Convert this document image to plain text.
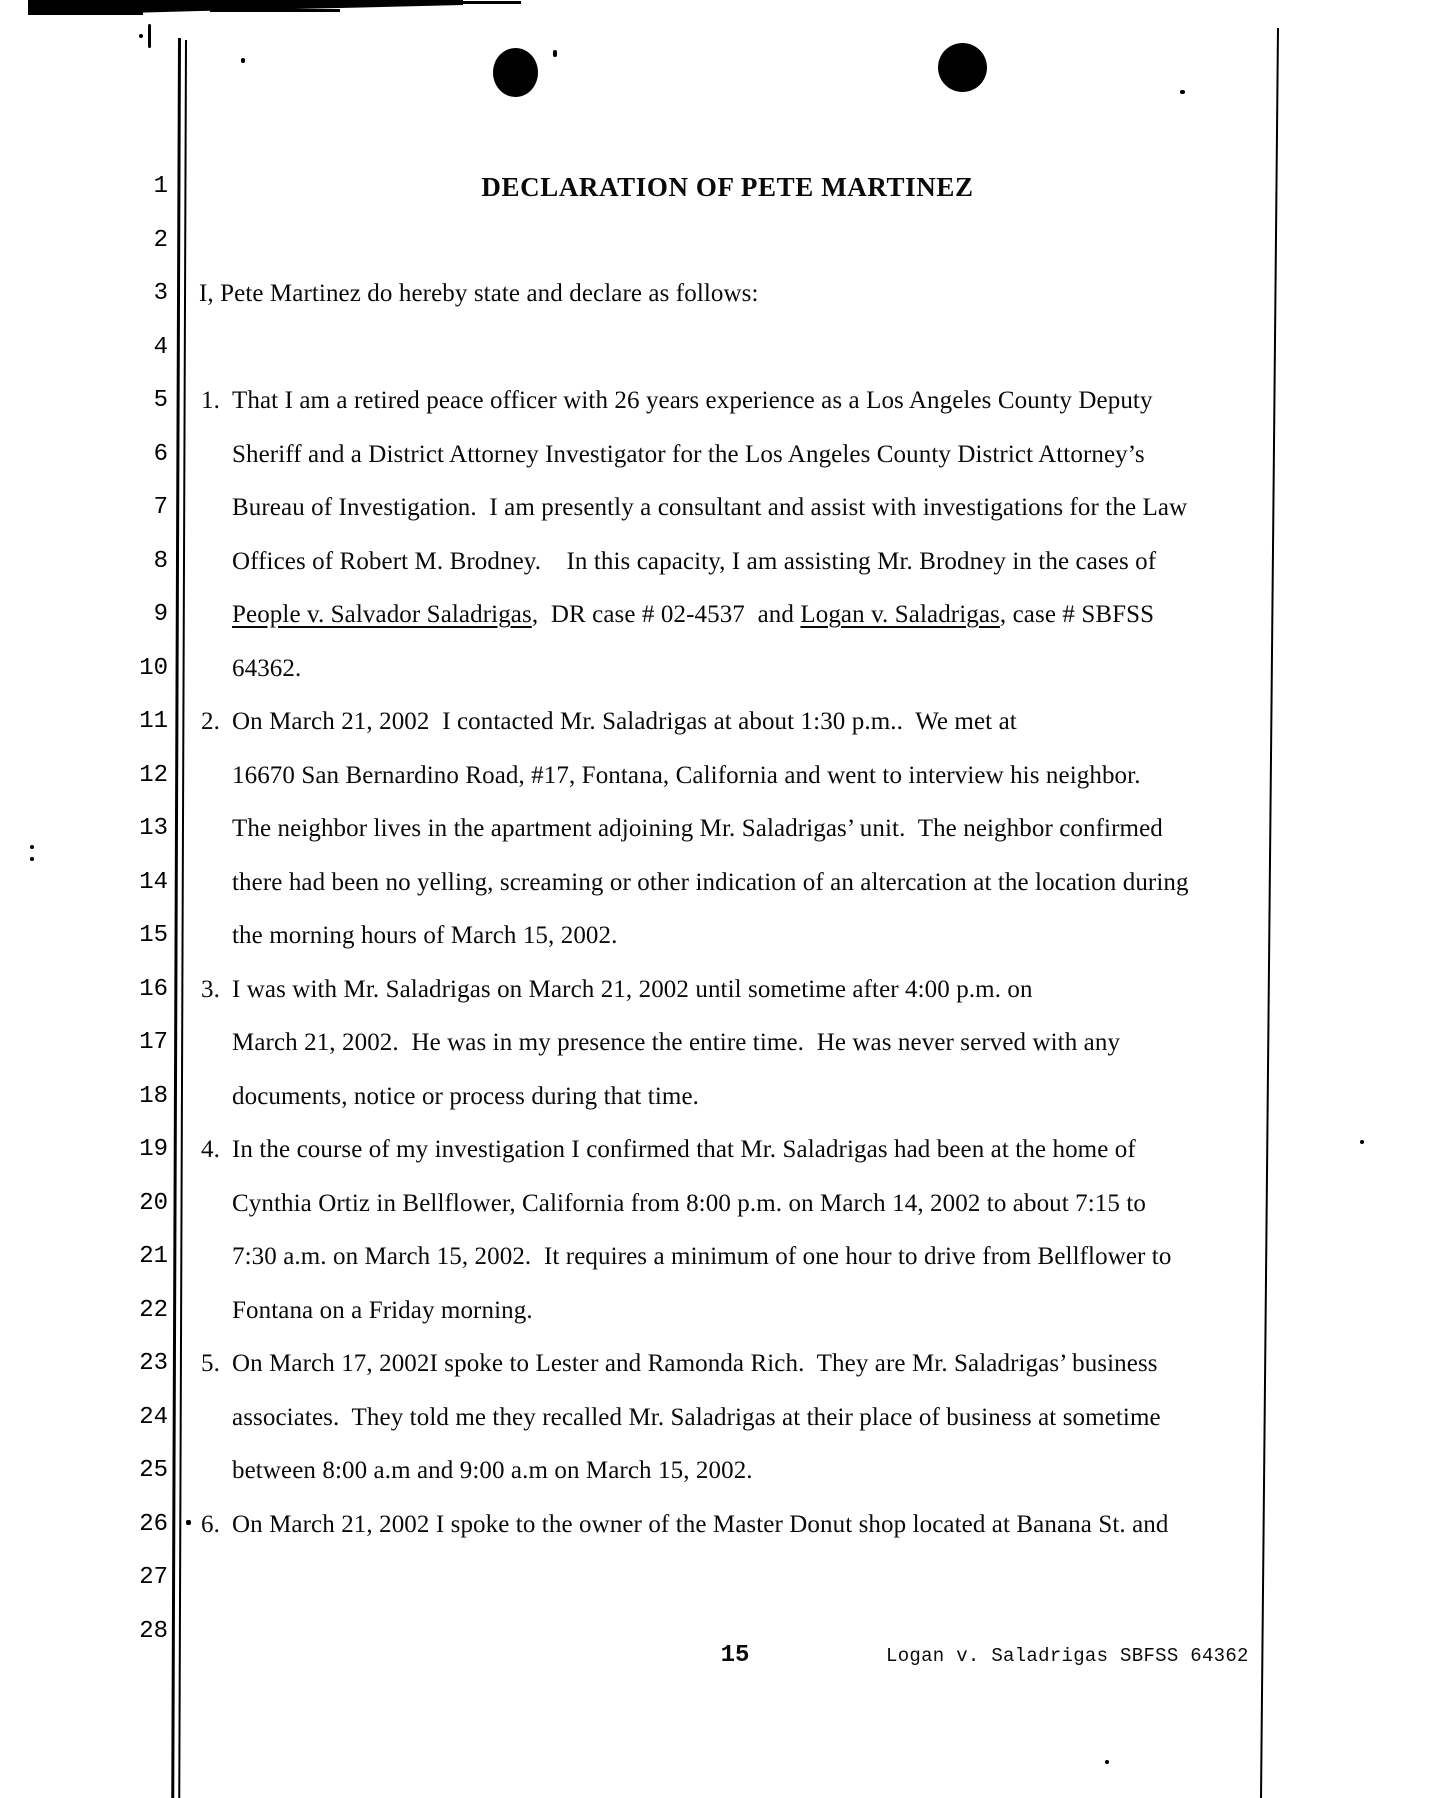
1
2
3
4
5
6
7
8
9
10
11
12
13
14
15
16
17
18
19
20
21
22
23
24
25
26
27
28
DECLARATION OF PETE MARTINEZ
I, Pete Martinez do hereby state and declare as follows:
1. That I am a retired peace officer with 26 years experience as a Los Angeles County Deputy
Sheriff and a District Attorney Investigator for the Los Angeles County District Attorney’s
Bureau of Investigation.  I am presently a consultant and assist with investigations for the Law
Offices of Robert M. Brodney.    In this capacity, I am assisting Mr. Brodney in the cases of
People v. Salvador Saladrigas,  DR case # 02-4537  and Logan v. Saladrigas, case # SBFSS
64362.
2. On March 21, 2002  I contacted Mr. Saladrigas at about 1:30 p.m..  We met at
16670 San Bernardino Road, #17, Fontana, California and went to interview his neighbor.
The neighbor lives in the apartment adjoining Mr. Saladrigas’ unit.  The neighbor confirmed
there had been no yelling, screaming or other indication of an altercation at the location during
the morning hours of March 15, 2002.
3. I was with Mr. Saladrigas on March 21, 2002 until sometime after 4:00 p.m. on
March 21, 2002.  He was in my presence the entire time.  He was never served with any
documents, notice or process during that time.
4. In the course of my investigation I confirmed that Mr. Saladrigas had been at the home of
Cynthia Ortiz in Bellflower, California from 8:00 p.m. on March 14, 2002 to about 7:15 to
7:30 a.m. on March 15, 2002.  It requires a minimum of one hour to drive from Bellflower to
Fontana on a Friday morning.
5. On March 17, 2002I spoke to Lester and Ramonda Rich.  They are Mr. Saladrigas’ business
associates.  They told me they recalled Mr. Saladrigas at their place of business at sometime
between 8:00 a.m and 9:00 a.m on March 15, 2002.
6. On March 21, 2002 I spoke to the owner of the Master Donut shop located at Banana St. and
15	Logan v. Saladrigas SBFSS 64362
